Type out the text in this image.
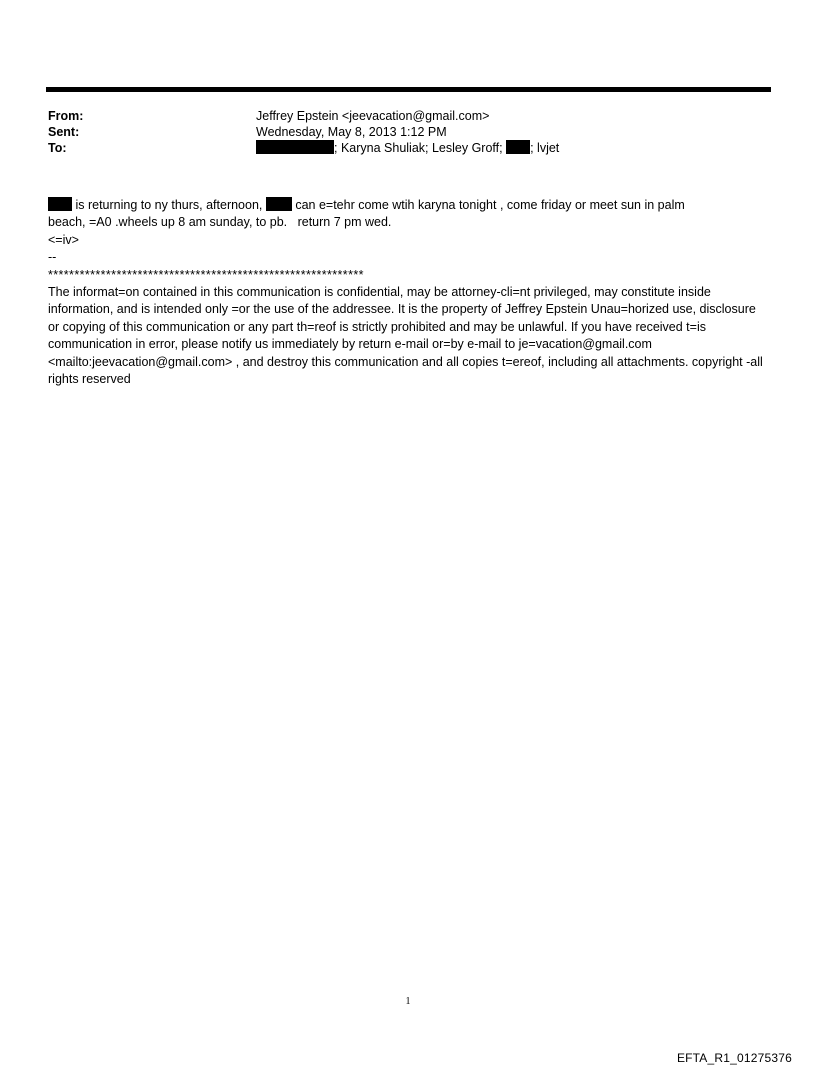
From:	Jeffrey Epstein <jeevacation@gmail.com>
Sent:	Wednesday, May 8, 2013 1:12 PM
To:	; Karyna Shuliak; Lesley Groff; ; lvjet

is returning to ny thurs, afternoon,  can e=tehr come wtih karyna tonight , come friday or meet sun in palm

beach, =A0 .wheels up 8 am sunday, to pb.   return 7 pm wed.

<=iv>

--

************************************************************

The informat=on contained in this communication is confidential, may be attorney-cli=nt privileged, may constitute inside information, and is intended only =or the use of the addressee. It is the property of Jeffrey Epstein Unau=horized use, disclosure or copying of this communication or any part th=reof is strictly prohibited and may be unlawful. If you have received t=is communication in error, please notify us immediately by return e-mail or=by e-mail to je=vacation@gmail.com <mailto:jeevacation@gmail.com> , and destroy this communication and all copies t=ereof, including all attachments. copyright -all rights reserved

1
EFTA_R1_01275376
